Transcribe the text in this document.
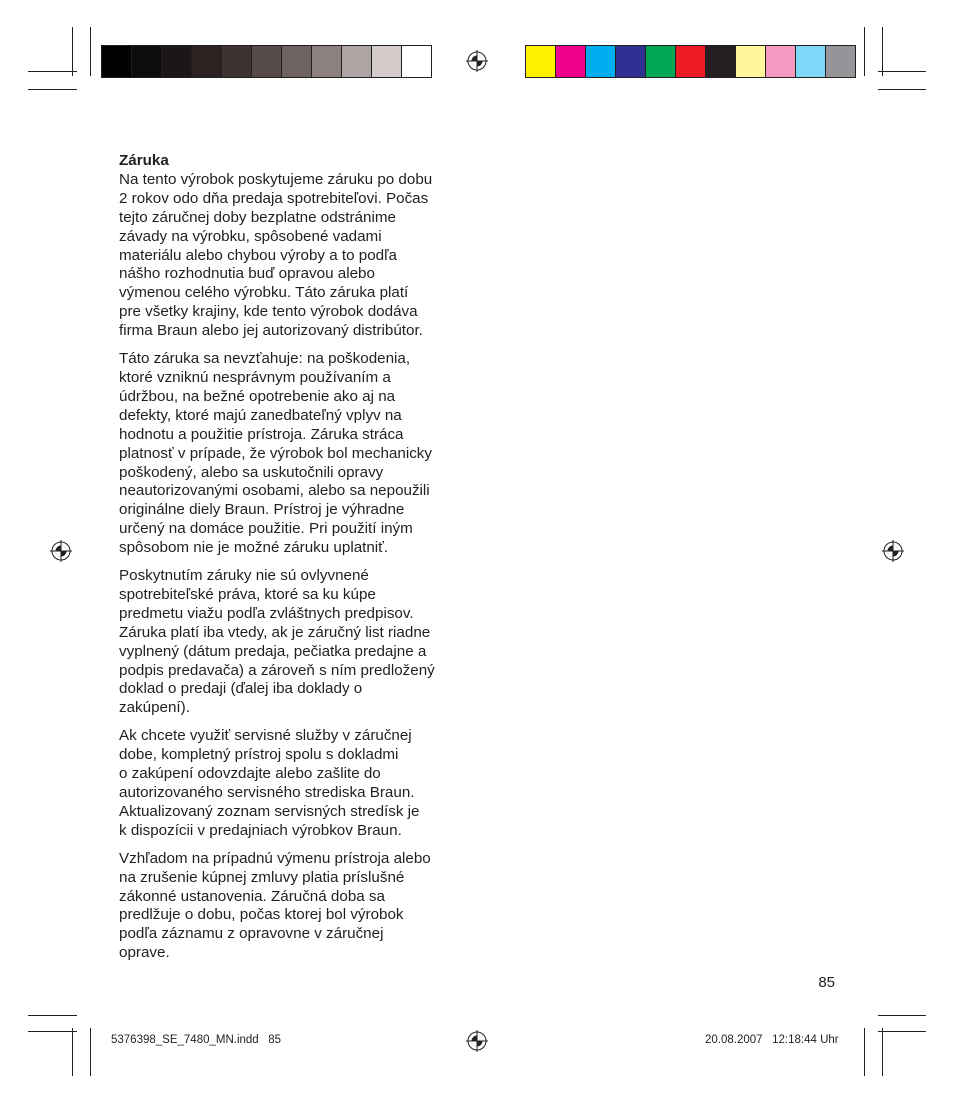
Záruka

Na tento výrobok poskytujeme záruku po dobu
2 rokov odo dňa predaja spotrebiteľovi. Počas
tejto záručnej doby bezplatne odstránime
závady na výrobku, spôsobené vadami
materiálu alebo chybou výroby a to podľa
nášho rozhodnutia buď opravou alebo
výmenou celého výrobku. Táto záruka platí
pre všetky krajiny, kde tento výrobok dodáva
firma Braun alebo jej autorizovaný distribútor.

Táto záruka sa nevzťahuje: na poškodenia,
ktoré vzniknú nesprávnym používaním a
údržbou, na bežné opotrebenie ako aj na
defekty, ktoré majú zanedbateľný vplyv na
hodnotu a použitie prístroja. Záruka stráca
platnosť v prípade, že výrobok bol mechanicky
poškodený, alebo sa uskutočnili opravy
neautorizovanými osobami, alebo sa nepoužili
originálne diely Braun. Prístroj je výhradne
určený na domáce použitie. Pri použití iným
spôsobom nie je možné záruku uplatniť.

Poskytnutím záruky nie sú ovlyvnené
spotrebiteľské práva, ktoré sa ku kúpe
predmetu viažu podľa zvláštnych predpisov.
Záruka platí iba vtedy, ak je záručný list riadne
vyplnený (dátum predaja, pečiatka predajne a
podpis predavača) a zároveň s ním predložený
doklad o predaji (ďalej iba doklady o
zakúpení).

Ak chcete využiť servisné služby v záručnej
dobe, kompletný prístroj spolu s dokladmi
o zakúpení odovzdajte alebo zašlite do
autorizovaného servisného strediska Braun.
Aktualizovaný zoznam servisných stredísk je
k dispozícii v predajniach výrobkov Braun.

Vzhľadom na prípadnú výmenu prístroja alebo
na zrušenie kúpnej zmluvy platia príslušné
zákonné ustanovenia. Záručná doba sa
predlžuje o dobu, počas ktorej bol výrobok
podľa záznamu z opravovne v záručnej
oprave.

85
5376398_SE_7480_MN.indd   85	20.08.2007   12:18:44 Uhr
